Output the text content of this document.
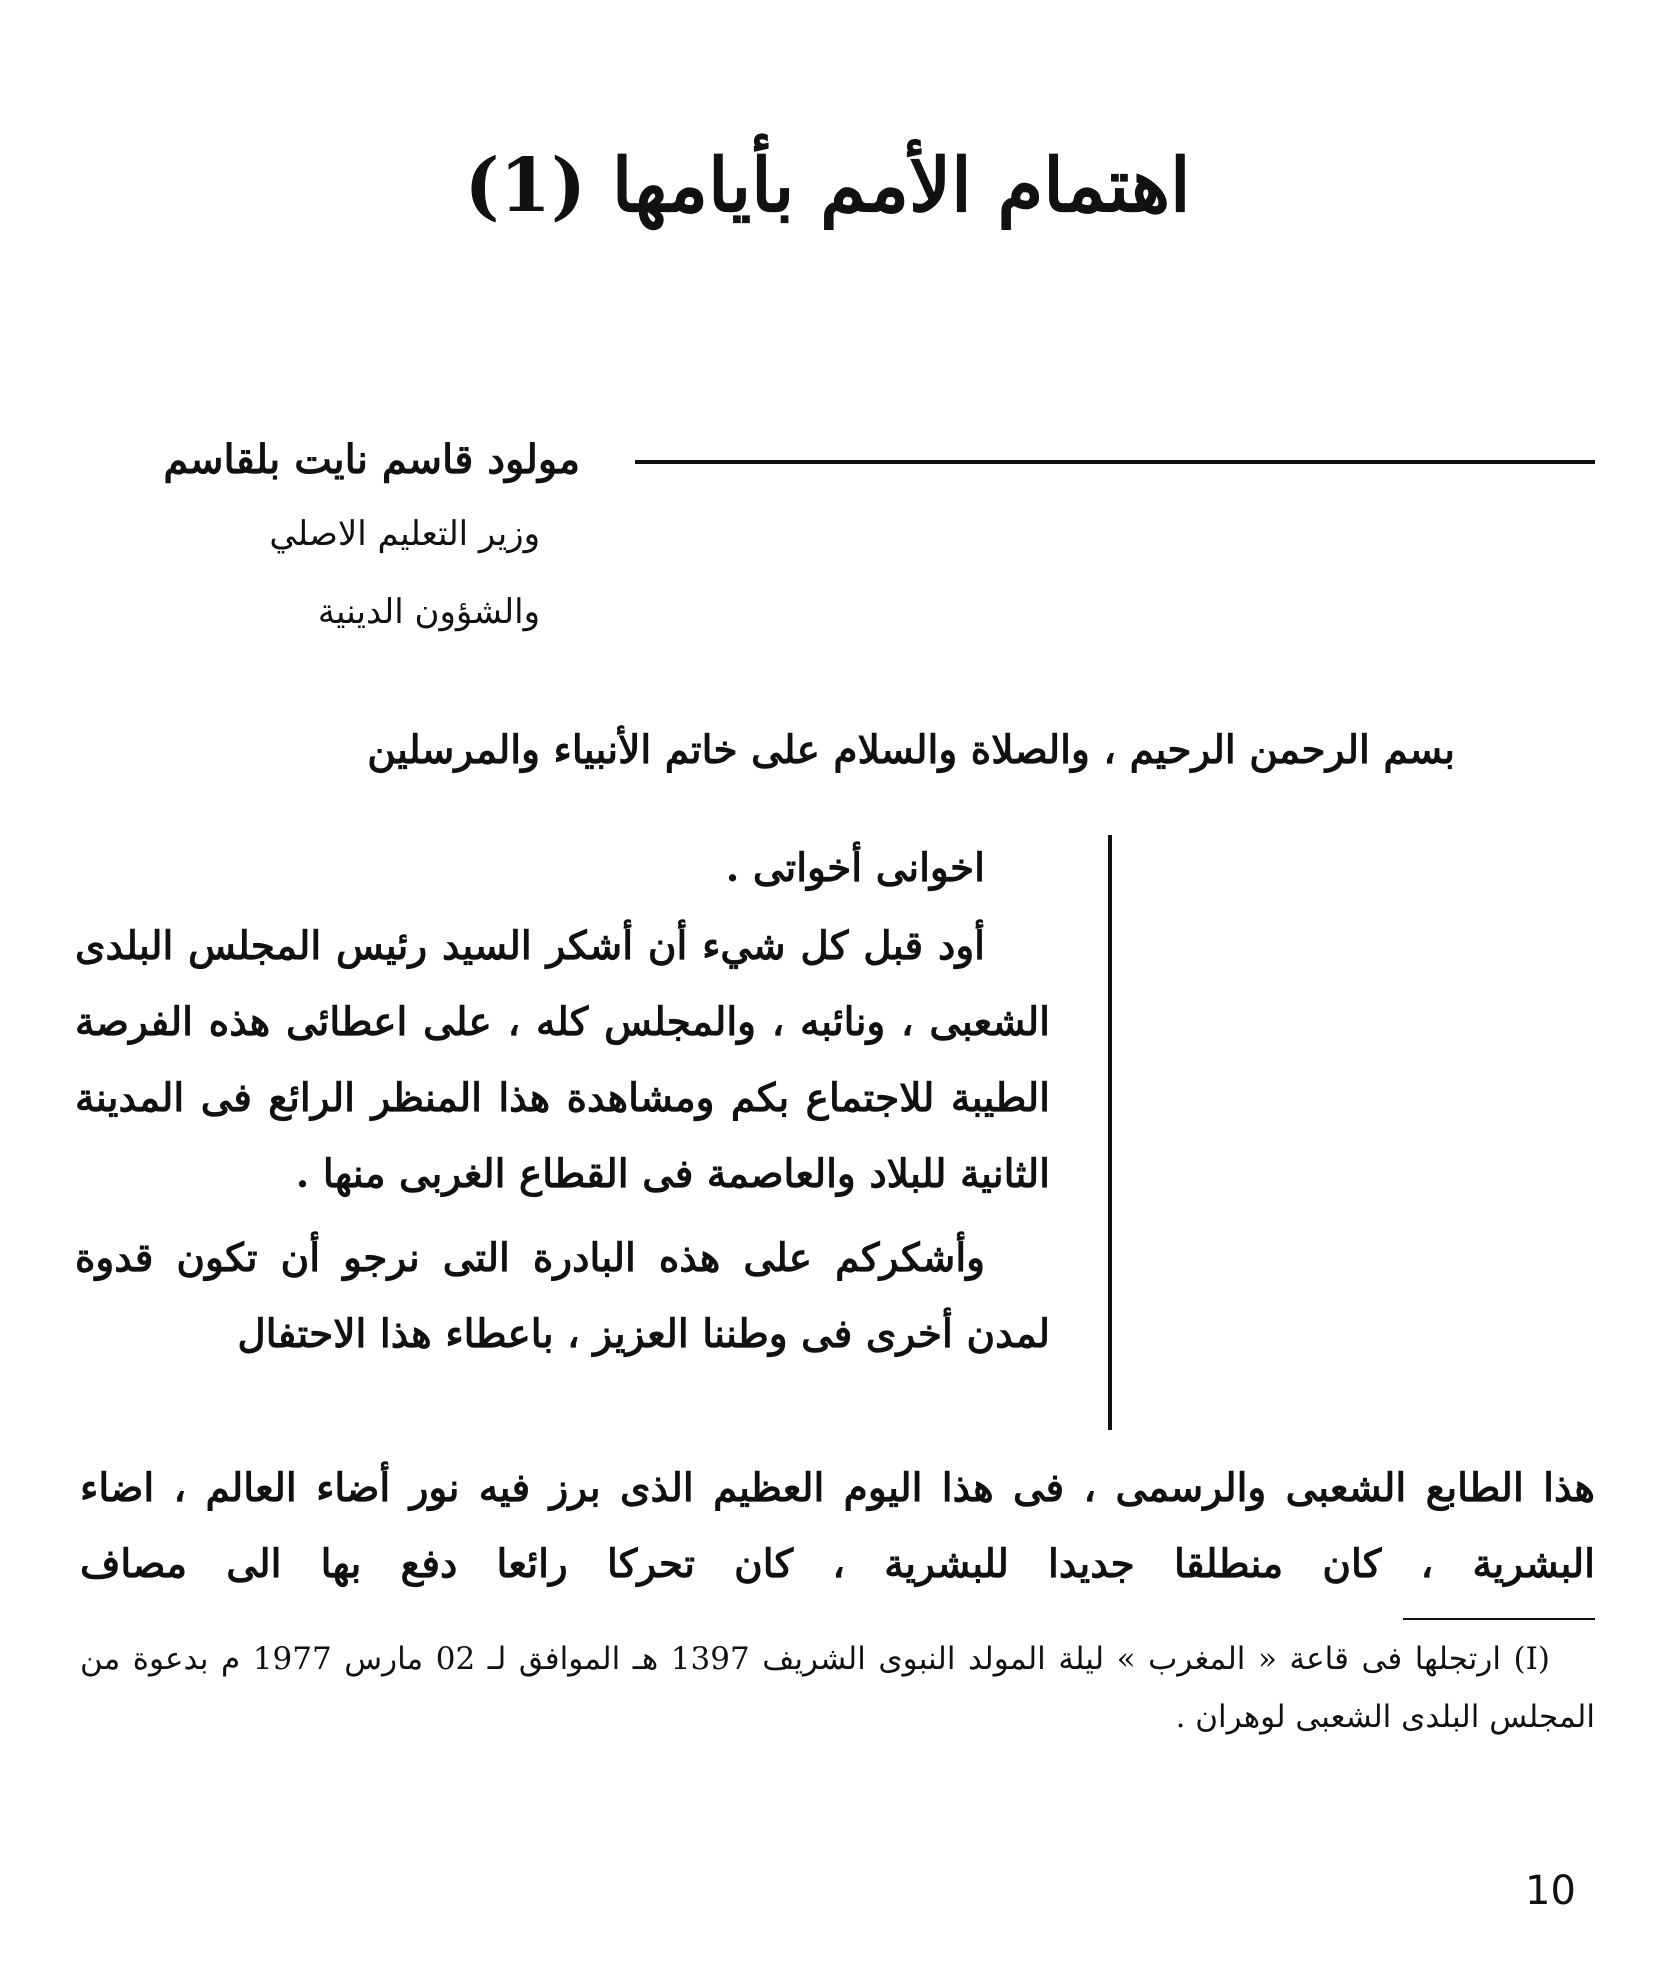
اهتمام الأمم بأيامها (1)
مولود قاسم نايت بلقاسم
وزير التعليم الاصلي
والشؤون الدينية
بسم الرحمن الرحيم ، والصلاة والسلام على خاتم الأنبياء والمرسلين

اخوانى أخواتى .

أود قبل كل شيء أن أشكر السيد رئيس المجلس البلدى الشعبى ، ونائبه ، والمجلس كله ، على اعطائى هذه الفرصة الطيبة للاجتماع بكم ومشاهدة هذا المنظر الرائع فى المدينة الثانية للبلاد والعاصمة فى القطاع الغربى منها .

وأشكركم على هذه البادرة التى نرجو أن تكون قدوة لمدن أخرى فى وطننا العزيز ، باعطاء هذا الاحتفال

هذا الطابع الشعبى والرسمى ، فى هذا اليوم العظيم الذى برز فيه نور أضاء العالم ، اضاء البشرية ، كان منطلقا جديدا للبشرية ، كان تحركا رائعا دفع بها الى مصاف

(I) ارتجلها فى قاعة « المغرب » ليلة المولد النبوى الشريف 1397 هـ الموافق لـ 02 مارس 1977 م بدعوة من المجلس البلدى الشعبى لوهران .

10
